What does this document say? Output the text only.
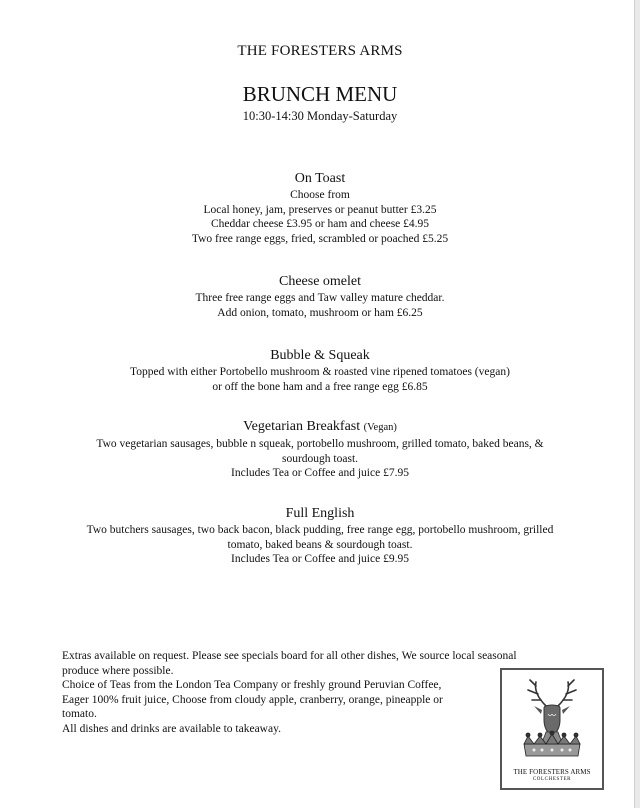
THE FORESTERS ARMS
BRUNCH MENU
10:30-14:30 Monday-Saturday
On Toast
Choose from
Local honey, jam, preserves or peanut butter £3.25
Cheddar cheese £3.95 or ham and cheese £4.95
Two free range eggs, fried, scrambled or poached £5.25
Cheese omelet
Three free range eggs and Taw valley mature cheddar.
Add onion, tomato, mushroom or ham £6.25
Bubble & Squeak
Topped with either Portobello mushroom & roasted vine ripened tomatoes (vegan)
or off the bone ham and a free range egg £6.85
Vegetarian Breakfast (Vegan)
Two vegetarian sausages, bubble n squeak, portobello mushroom, grilled tomato, baked beans, &
sourdough toast.
Includes Tea or Coffee and juice £7.95
Full English
Two butchers sausages, two back bacon, black pudding, free range egg, portobello mushroom, grilled
tomato, baked beans & sourdough toast.
Includes Tea or Coffee and juice £9.95
Extras available on request. Please see specials board for all other dishes, We source local seasonal
produce where possible.
Choice of Teas from the London Tea Company or freshly ground Peruvian Coffee,
Eager 100% fruit juice, Choose from cloudy apple, cranberry, orange, pineapple or
tomato.
All dishes and drinks are available to takeaway.
THE FORESTERS ARMS
COLCHESTER
